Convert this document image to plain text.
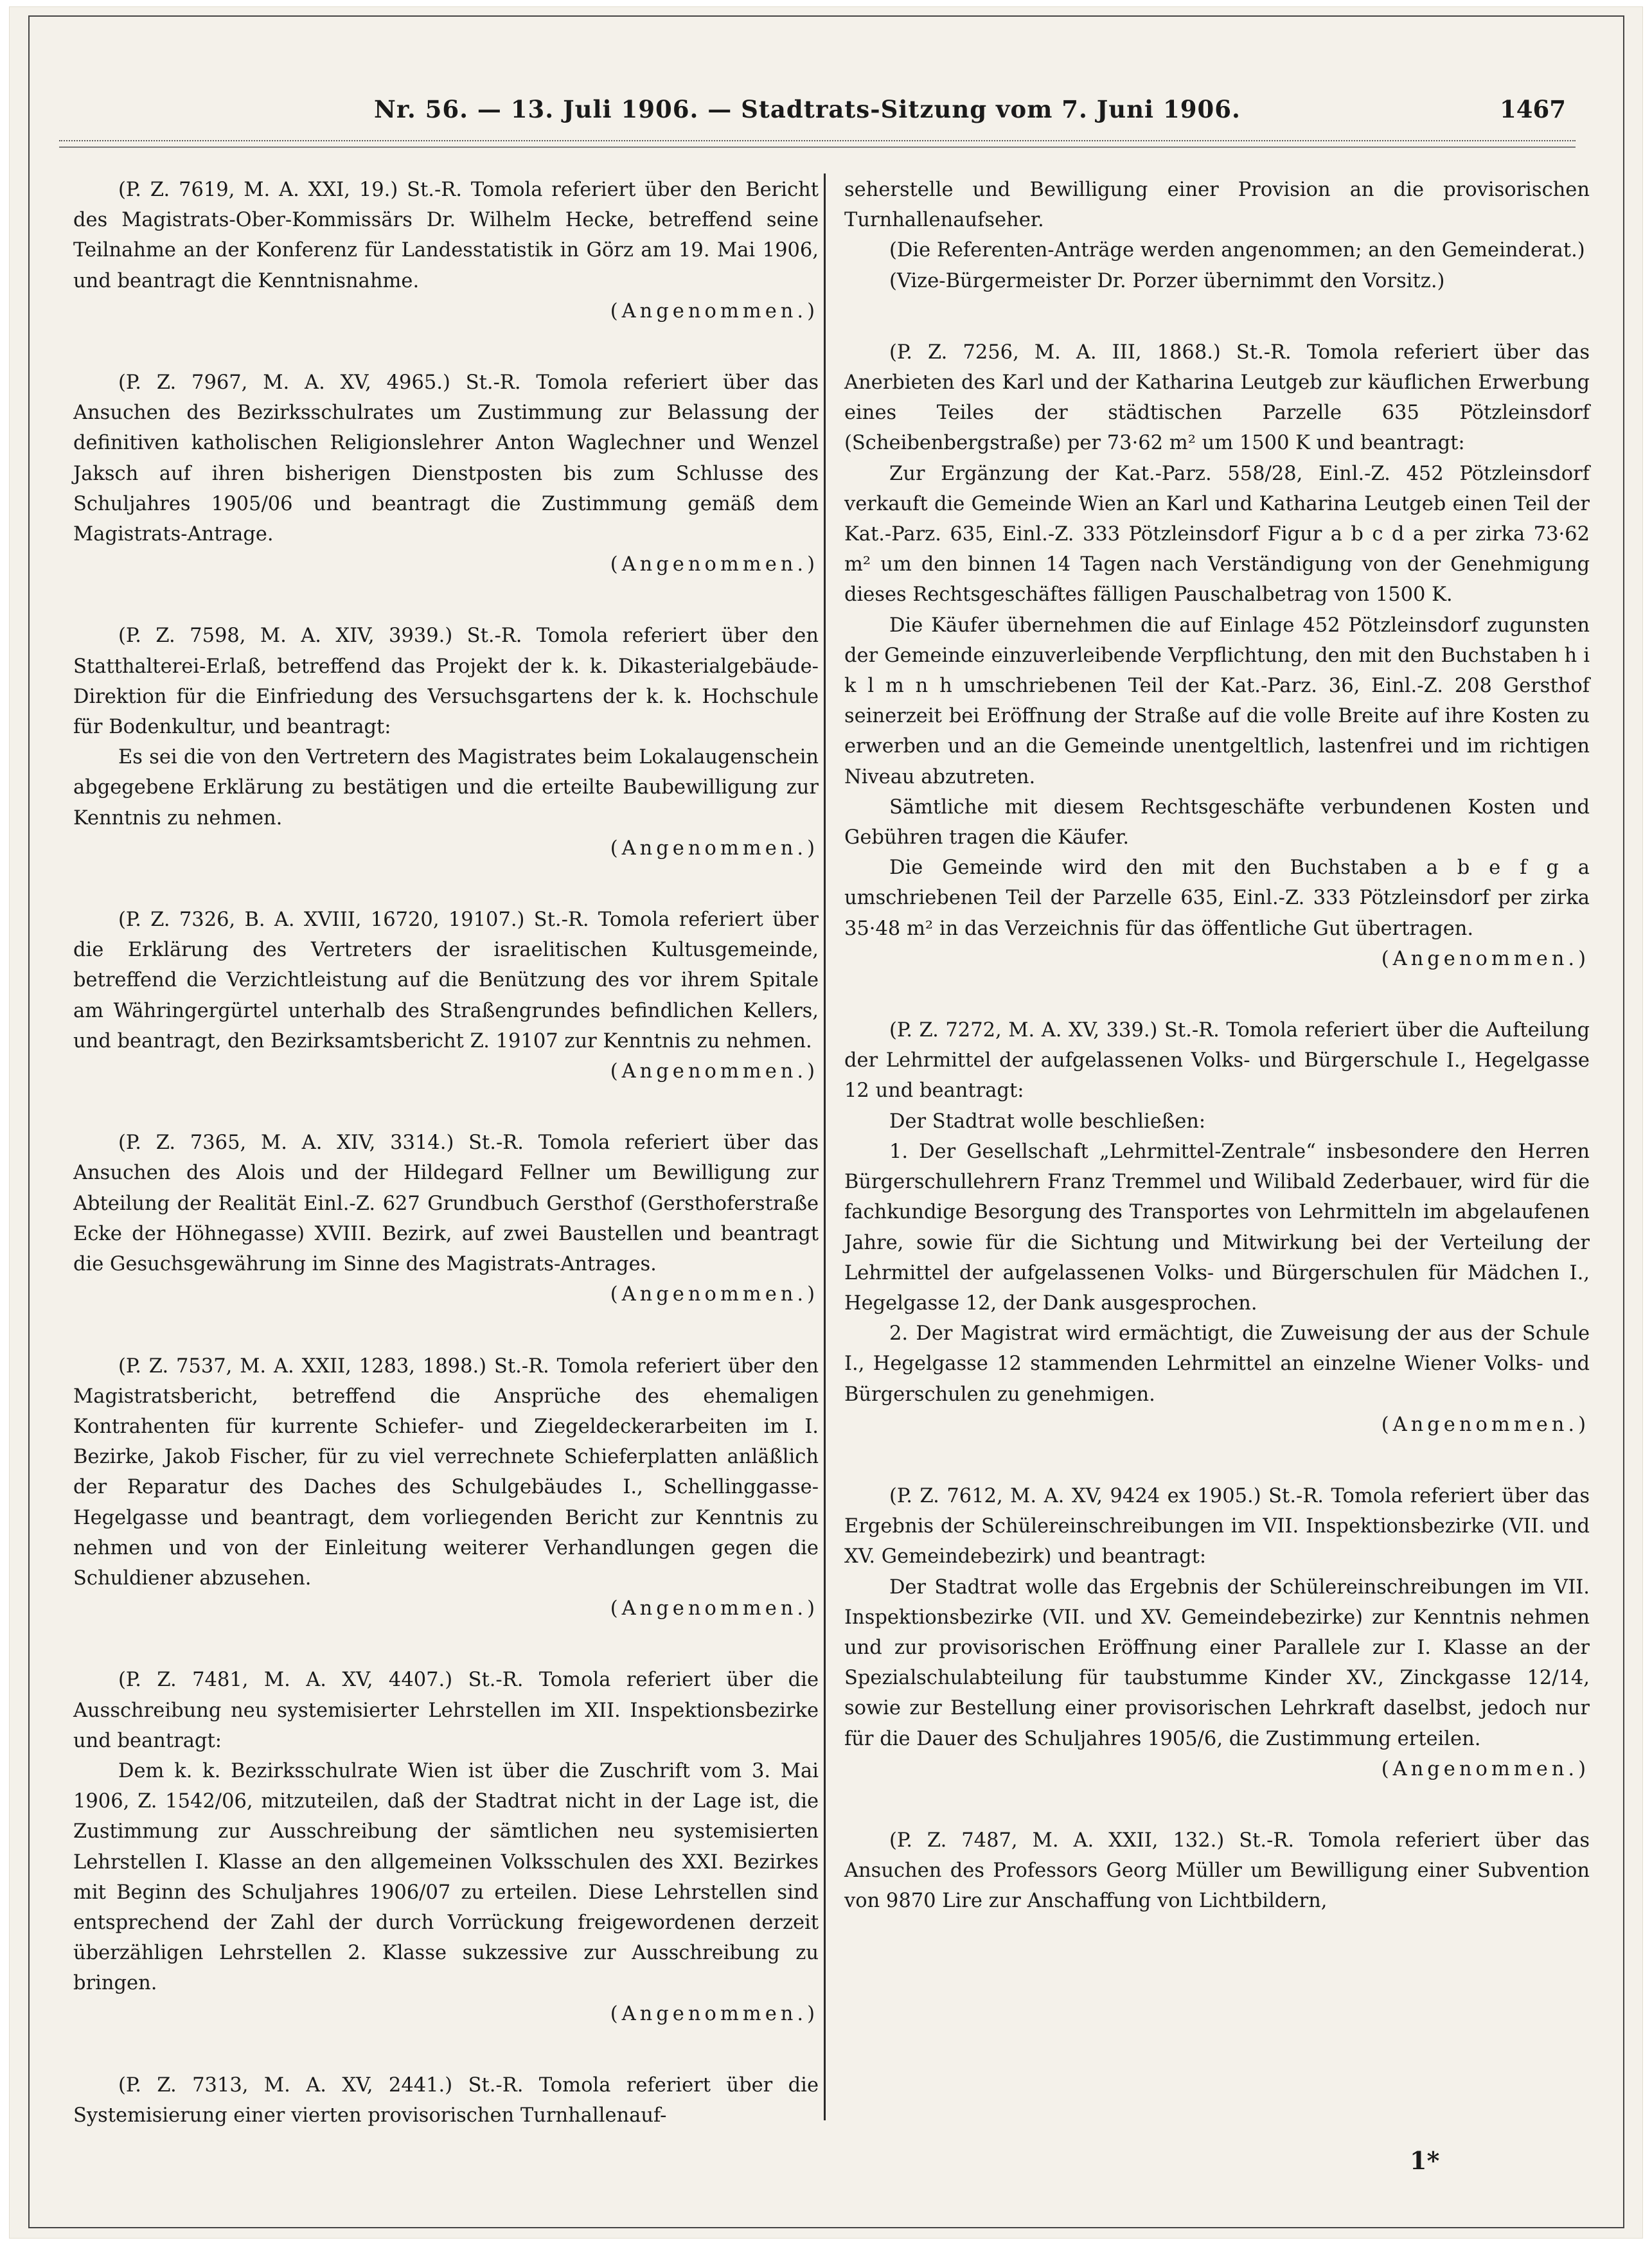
Nr. 56. — 13. Juli 1906. — Stadtrats-Sitzung vom 7. Juni 1906.	1467

(P. Z. 7619, M. A. XXI, 19.) St.-R. Tomola referiert über den Bericht des Magistrats-Ober-Kommissärs Dr. Wilhelm Hecke, betreffend seine Teilnahme an der Konferenz für Landesstatistik in Görz am 19. Mai 1906, und beantragt die Kenntnisnahme.

(Angenommen.)

(P. Z. 7967, M. A. XV, 4965.) St.-R. Tomola referiert über das Ansuchen des Bezirksschulrates um Zustimmung zur Belassung der definitiven katholischen Religionslehrer Anton Waglechner und Wenzel Jaksch auf ihren bisherigen Dienstposten bis zum Schlusse des Schuljahres 1905/06 und beantragt die Zustimmung gemäß dem Magistrats-Antrage.

(Angenommen.)

(P. Z. 7598, M. A. XIV, 3939.) St.-R. Tomola referiert über den Statthalterei-Erlaß, betreffend das Projekt der k. k. Dikasterialgebäude-Direktion für die Einfriedung des Versuchsgartens der k. k. Hochschule für Bodenkultur, und beantragt:

Es sei die von den Vertretern des Magistrates beim Lokalaugenschein abgegebene Erklärung zu bestätigen und die erteilte Baubewilligung zur Kenntnis zu nehmen.

(Angenommen.)

(P. Z. 7326, B. A. XVIII, 16720, 19107.) St.-R. Tomola referiert über die Erklärung des Vertreters der israelitischen Kultusgemeinde, betreffend die Verzichtleistung auf die Benützung des vor ihrem Spitale am Währingergürtel unterhalb des Straßengrundes befindlichen Kellers, und beantragt, den Bezirksamtsbericht Z. 19107 zur Kenntnis zu nehmen.

(Angenommen.)

(P. Z. 7365, M. A. XIV, 3314.) St.-R. Tomola referiert über das Ansuchen des Alois und der Hildegard Fellner um Bewilligung zur Abteilung der Realität Einl.-Z. 627 Grundbuch Gersthof (Gersthoferstraße Ecke der Höhnegasse) XVIII. Bezirk, auf zwei Baustellen und beantragt die Gesuchsgewährung im Sinne des Magistrats-Antrages.

(Angenommen.)

(P. Z. 7537, M. A. XXII, 1283, 1898.) St.-R. Tomola referiert über den Magistratsbericht, betreffend die Ansprüche des ehemaligen Kontrahenten für kurrente Schiefer- und Ziegeldeckerarbeiten im I. Bezirke, Jakob Fischer, für zu viel verrechnete Schieferplatten anläßlich der Reparatur des Daches des Schulgebäudes I., Schellinggasse-Hegelgasse und beantragt, dem vorliegenden Bericht zur Kenntnis zu nehmen und von der Einleitung weiterer Verhandlungen gegen die Schuldiener abzusehen.

(Angenommen.)

(P. Z. 7481, M. A. XV, 4407.) St.-R. Tomola referiert über die Ausschreibung neu systemisierter Lehrstellen im XII. Inspektionsbezirke und beantragt:

Dem k. k. Bezirksschulrate Wien ist über die Zuschrift vom 3. Mai 1906, Z. 1542/06, mitzuteilen, daß der Stadtrat nicht in der Lage ist, die Zustimmung zur Ausschreibung der sämtlichen neu systemisierten Lehrstellen I. Klasse an den allgemeinen Volksschulen des XXI. Bezirkes mit Beginn des Schuljahres 1906/07 zu erteilen. Diese Lehrstellen sind entsprechend der Zahl der durch Vorrückung freigewordenen derzeit überzähligen Lehrstellen 2. Klasse sukzessive zur Ausschreibung zu bringen.

(Angenommen.)

(P. Z. 7313, M. A. XV, 2441.) St.-R. Tomola referiert über die Systemisierung einer vierten provisorischen Turnhallenauf-

seherstelle und Bewilligung einer Provision an die provisorischen Turnhallenaufseher.

(Die Referenten-Anträge werden angenommen; an den Gemeinderat.)

(Vize-Bürgermeister Dr. Porzer übernimmt den Vorsitz.)

(P. Z. 7256, M. A. III, 1868.) St.-R. Tomola referiert über das Anerbieten des Karl und der Katharina Leutgeb zur käuflichen Erwerbung eines Teiles der städtischen Parzelle 635 Pötzleinsdorf (Scheibenbergstraße) per 73·62 m² um 1500 K und beantragt:

Zur Ergänzung der Kat.-Parz. 558/28, Einl.-Z. 452 Pötzleinsdorf verkauft die Gemeinde Wien an Karl und Katharina Leutgeb einen Teil der Kat.-Parz. 635, Einl.-Z. 333 Pötzleinsdorf Figur a b c d a per zirka 73·62 m² um den binnen 14 Tagen nach Verständigung von der Genehmigung dieses Rechtsgeschäftes fälligen Pauschalbetrag von 1500 K.

Die Käufer übernehmen die auf Einlage 452 Pötzleinsdorf zugunsten der Gemeinde einzuverleibende Verpflichtung, den mit den Buchstaben h i k l m n h umschriebenen Teil der Kat.-Parz. 36, Einl.-Z. 208 Gersthof seinerzeit bei Eröffnung der Straße auf die volle Breite auf ihre Kosten zu erwerben und an die Gemeinde unentgeltlich, lastenfrei und im richtigen Niveau abzutreten.

Sämtliche mit diesem Rechtsgeschäfte verbundenen Kosten und Gebühren tragen die Käufer.

Die Gemeinde wird den mit den Buchstaben a b e f g a umschriebenen Teil der Parzelle 635, Einl.-Z. 333 Pötzleinsdorf per zirka 35·48 m² in das Verzeichnis für das öffentliche Gut übertragen.

(Angenommen.)

(P. Z. 7272, M. A. XV, 339.) St.-R. Tomola referiert über die Aufteilung der Lehrmittel der aufgelassenen Volks- und Bürgerschule I., Hegelgasse 12 und beantragt:

Der Stadtrat wolle beschließen:

1. Der Gesellschaft „Lehrmittel-Zentrale“ insbesondere den Herren Bürgerschullehrern Franz Tremmel und Wilibald Zederbauer, wird für die fachkundige Besorgung des Transportes von Lehrmitteln im abgelaufenen Jahre, sowie für die Sichtung und Mitwirkung bei der Verteilung der Lehrmittel der aufgelassenen Volks- und Bürgerschulen für Mädchen I., Hegelgasse 12, der Dank ausgesprochen.

2. Der Magistrat wird ermächtigt, die Zuweisung der aus der Schule I., Hegelgasse 12 stammenden Lehrmittel an einzelne Wiener Volks- und Bürgerschulen zu genehmigen.

(Angenommen.)

(P. Z. 7612, M. A. XV, 9424 ex 1905.) St.-R. Tomola referiert über das Ergebnis der Schülereinschreibungen im VII. Inspektionsbezirke (VII. und XV. Gemeindebezirk) und beantragt:

Der Stadtrat wolle das Ergebnis der Schülereinschreibungen im VII. Inspektionsbezirke (VII. und XV. Gemeindebezirke) zur Kenntnis nehmen und zur provisorischen Eröffnung einer Parallele zur I. Klasse an der Spezialschulabteilung für taubstumme Kinder XV., Zinckgasse 12/14, sowie zur Bestellung einer provisorischen Lehrkraft daselbst, jedoch nur für die Dauer des Schuljahres 1905/6, die Zustimmung erteilen.

(Angenommen.)

(P. Z. 7487, M. A. XXII, 132.) St.-R. Tomola referiert über das Ansuchen des Professors Georg Müller um Bewilligung einer Subvention von 9870 Lire zur Anschaffung von Lichtbildern,

1*
